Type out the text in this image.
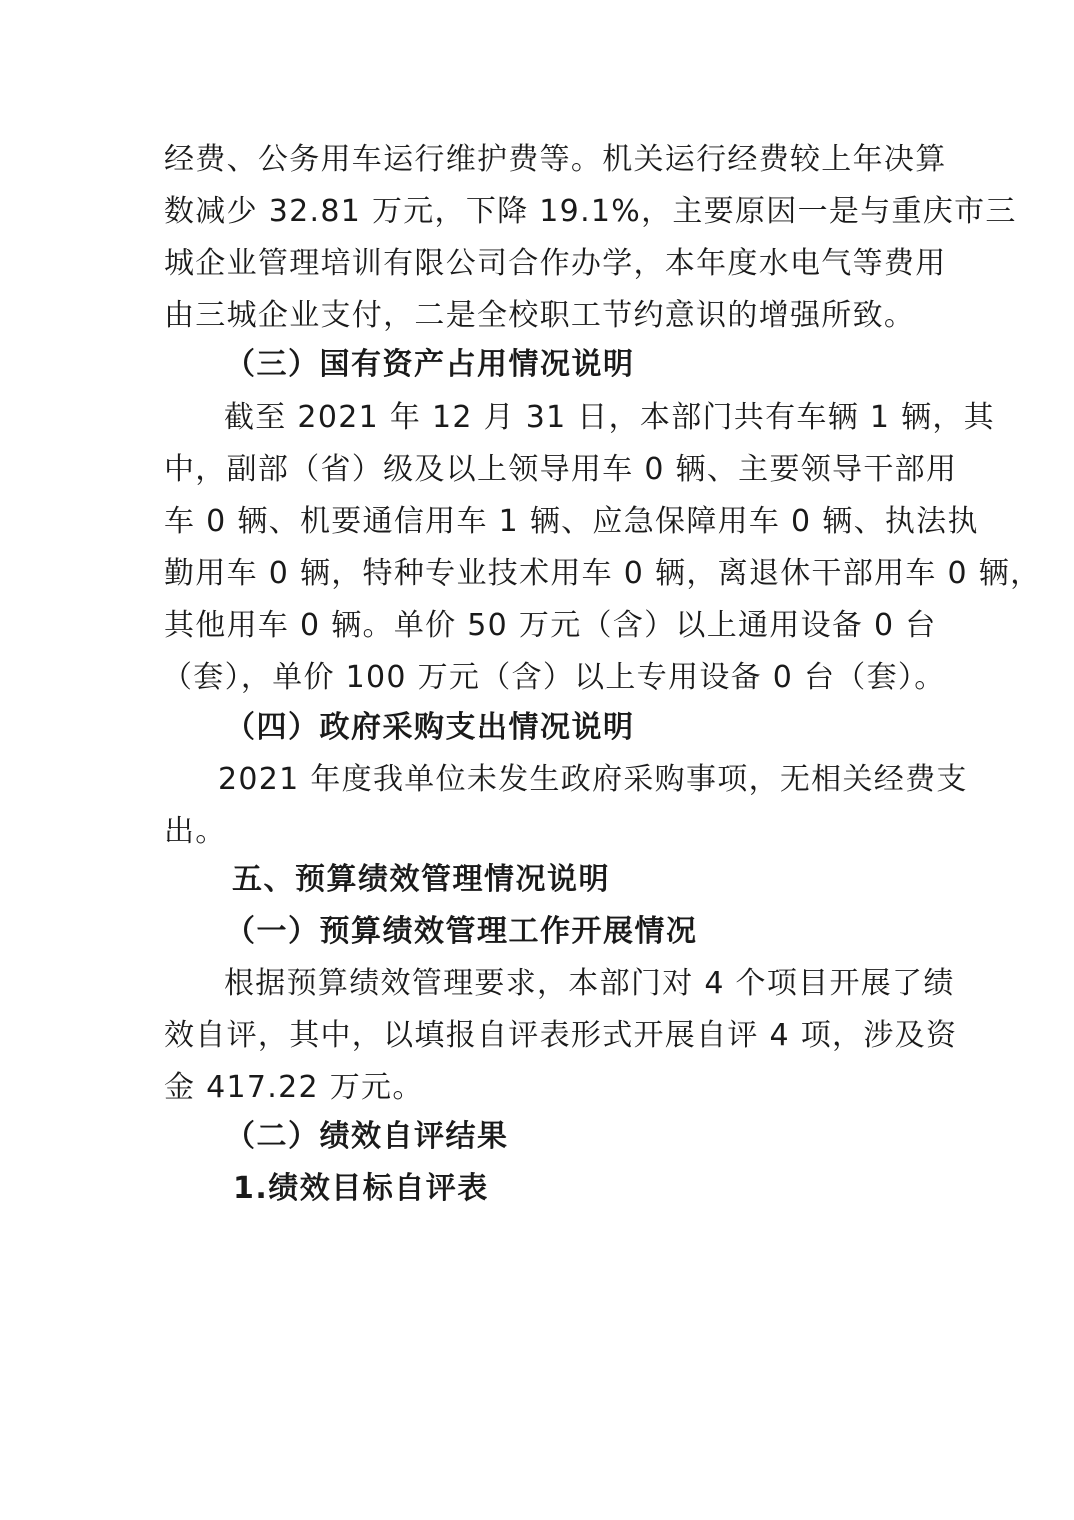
经费、公务用车运行维护费等。机关运行经费较上年决算
数减少 32.81 万元，下降 19.1%，主要原因一是与重庆市三
城企业管理培训有限公司合作办学，本年度水电气等费用
由三城企业支付，二是全校职工节约意识的增强所致。
（三）国有资产占用情况说明
截至 2021 年 12 月 31 日，本部门共有车辆 1 辆，其
中，副部（省）级及以上领导用车 0 辆、主要领导干部用
车 0 辆、机要通信用车 1 辆、应急保障用车 0 辆、执法执
勤用车 0 辆，特种专业技术用车 0 辆，离退休干部用车 0 辆，
其他用车 0 辆。单价 50 万元（含）以上通用设备 0 台
（套），单价 100 万元（含）以上专用设备 0 台（套）。
（四）政府采购支出情况说明
2021 年度我单位未发生政府采购事项，无相关经费支
出。
五、预算绩效管理情况说明
（一）预算绩效管理工作开展情况
根据预算绩效管理要求，本部门对 4 个项目开展了绩
效自评，其中，以填报自评表形式开展自评 4 项，涉及资
金 417.22 万元。
（二）绩效自评结果
1.绩效目标自评表
